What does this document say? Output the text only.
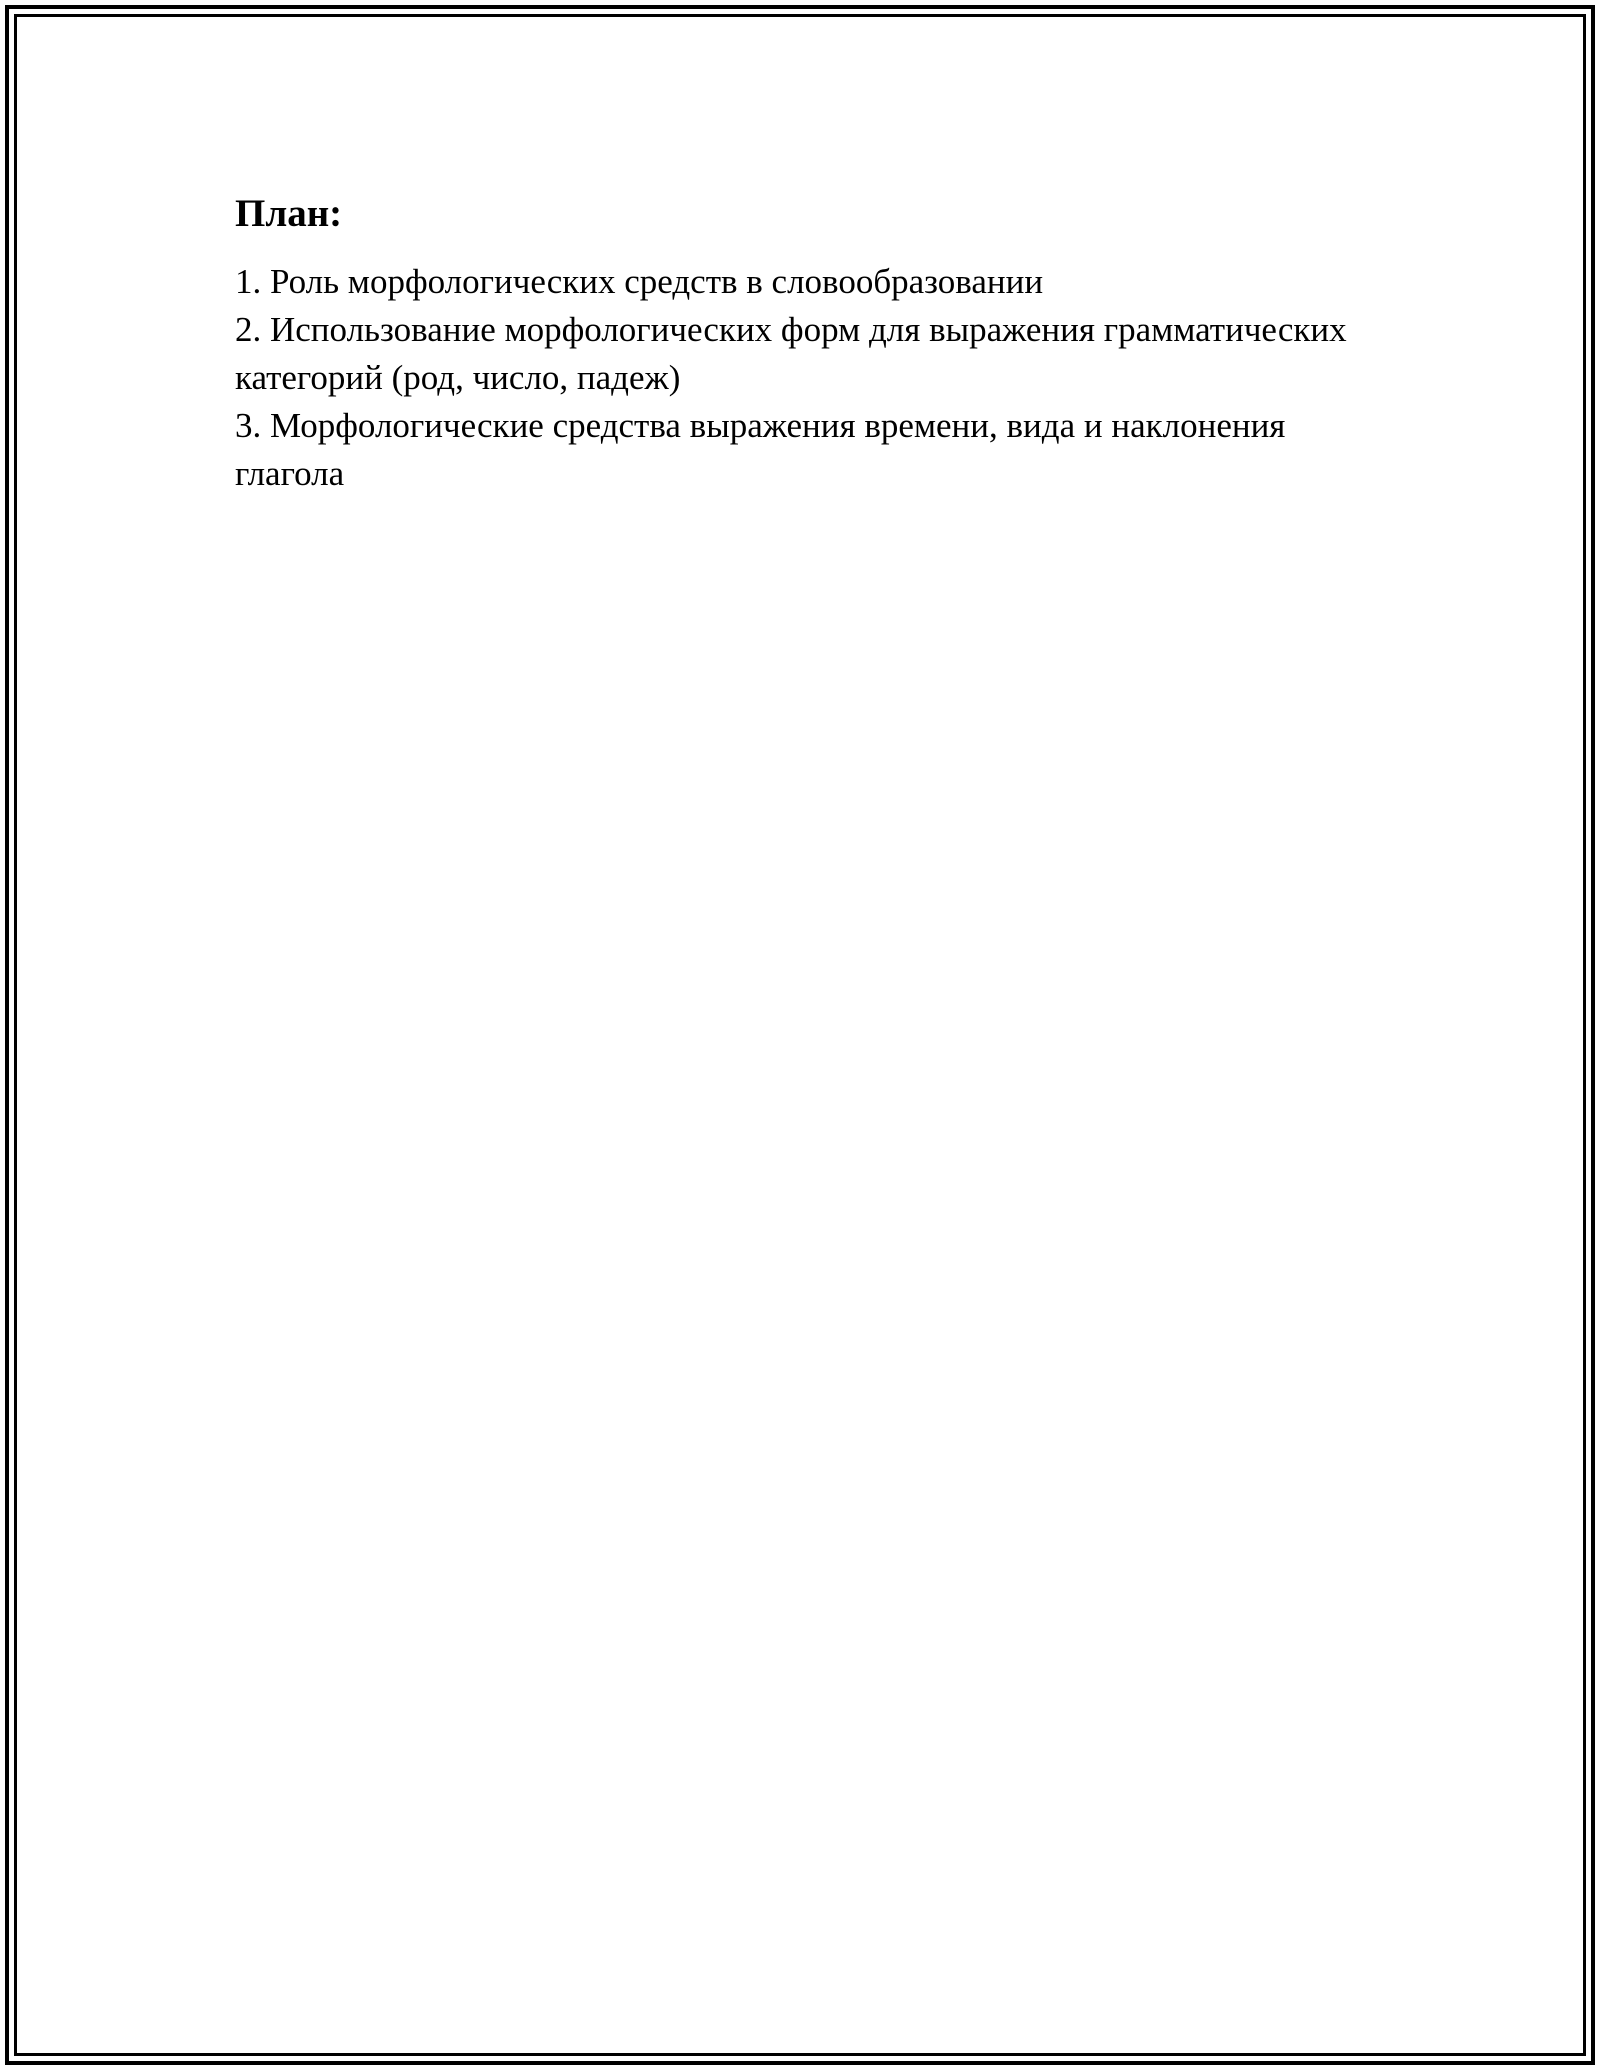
План:
1. Роль морфологических средств в словообразовании
2. Использование морфологических форм для выражения грамматических категорий (род, число, падеж)
3. Морфологические средства выражения времени, вида и наклонения глагола
